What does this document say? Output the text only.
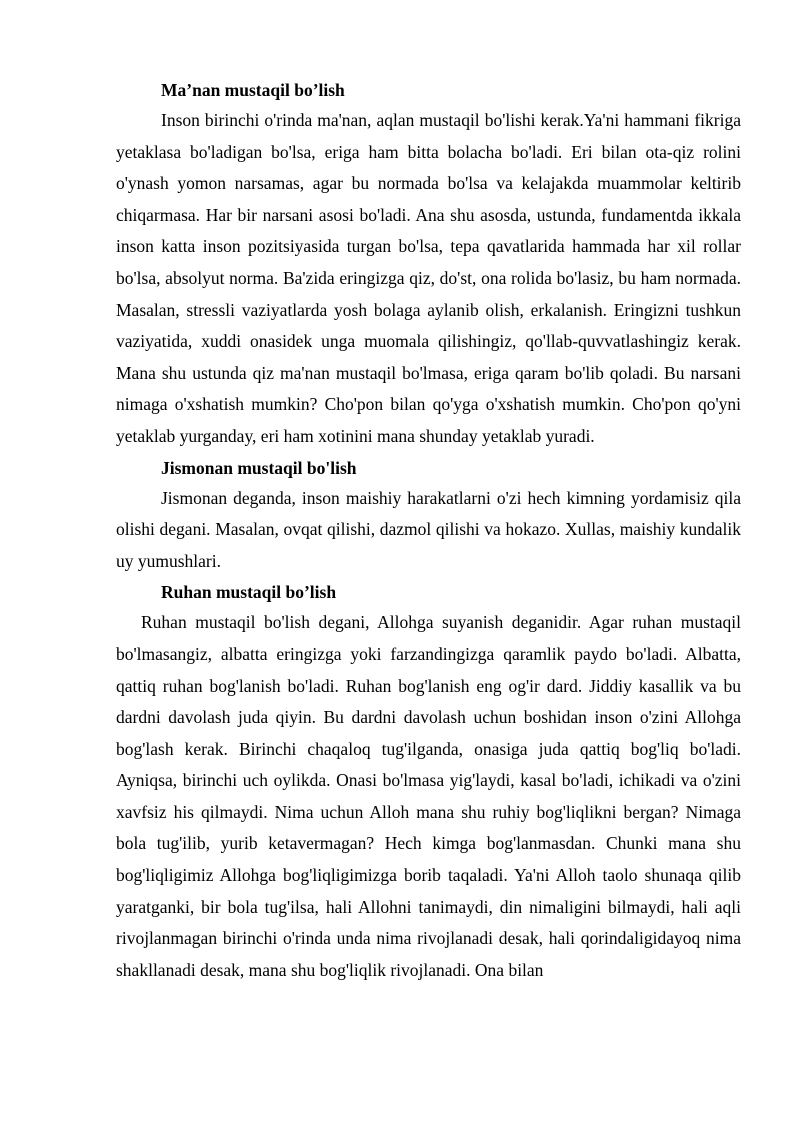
Ma’nan mustaqil bo’lish

Inson birinchi o'rinda ma'nan, aqlan mustaqil bo'lishi kerak.Ya'ni hammani fikriga yetaklasa bo'ladigan bo'lsa, eriga ham bitta bolacha bo'ladi. Eri bilan ota-qiz rolini o'ynash yomon narsamas, agar bu normada bo'lsa va kelajakda muammolar keltirib chiqarmasa. Har bir narsani asosi bo'ladi. Ana shu asosda, ustunda, fundamentda ikkala inson katta inson pozitsiyasida turgan bo'lsa, tepa qavatlarida hammada har xil rollar bo'lsa, absolyut norma. Ba'zida eringizga qiz, do'st, ona rolida bo'lasiz, bu ham normada. Masalan, stressli vaziyatlarda yosh bolaga aylanib olish, erkalanish. Eringizni tushkun vaziyatida, xuddi onasidek unga muomala qilishingiz, qo'llab-quvvatlashingiz kerak. Mana shu ustunda qiz ma'nan mustaqil bo'lmasa, eriga qaram bo'lib qoladi. Bu narsani nimaga o'xshatish mumkin? Cho'pon bilan qo'yga o'xshatish mumkin. Cho'pon qo'yni yetaklab yurganday, eri ham xotinini mana shunday yetaklab yuradi.

Jismonan mustaqil bo'lish

Jismonan deganda, inson maishiy harakatlarni o'zi hech kimning yordamisiz qila olishi degani. Masalan, ovqat qilishi, dazmol qilishi va hokazo. Xullas, maishiy kundalik uy yumushlari.

Ruhan mustaqil bo’lish

Ruhan mustaqil bo'lish degani, Allohga suyanish deganidir. Agar ruhan mustaqil bo'lmasangiz, albatta eringizga yoki farzandingizga qaramlik paydo bo'ladi. Albatta, qattiq ruhan bog'lanish bo'ladi. Ruhan bog'lanish eng og'ir dard. Jiddiy kasallik va bu dardni davolash juda qiyin. Bu dardni davolash uchun boshidan inson o'zini Allohga bog'lash kerak. Birinchi chaqaloq tug'ilganda, onasiga juda qattiq bog'liq bo'ladi. Ayniqsa, birinchi uch oylikda. Onasi bo'lmasa yig'laydi, kasal bo'ladi, ichikadi va o'zini xavfsiz his qilmaydi. Nima uchun Alloh mana shu ruhiy bog'liqlikni bergan? Nimaga bola tug'ilib, yurib ketavermagan? Hech kimga bog'lanmasdan. Chunki mana shu bog'liqligimiz Allohga bog'liqligimizga borib taqaladi. Ya'ni Alloh taolo shunaqa qilib yaratganki, bir bola tug'ilsa, hali Allohni tanimaydi, din nimaligini bilmaydi, hali aqli rivojlanmagan birinchi o'rinda unda nima rivojlanadi desak, hali qorindaligidayoq nima shakllanadi desak, mana shu bog'liqlik rivojlanadi. Ona bilan
